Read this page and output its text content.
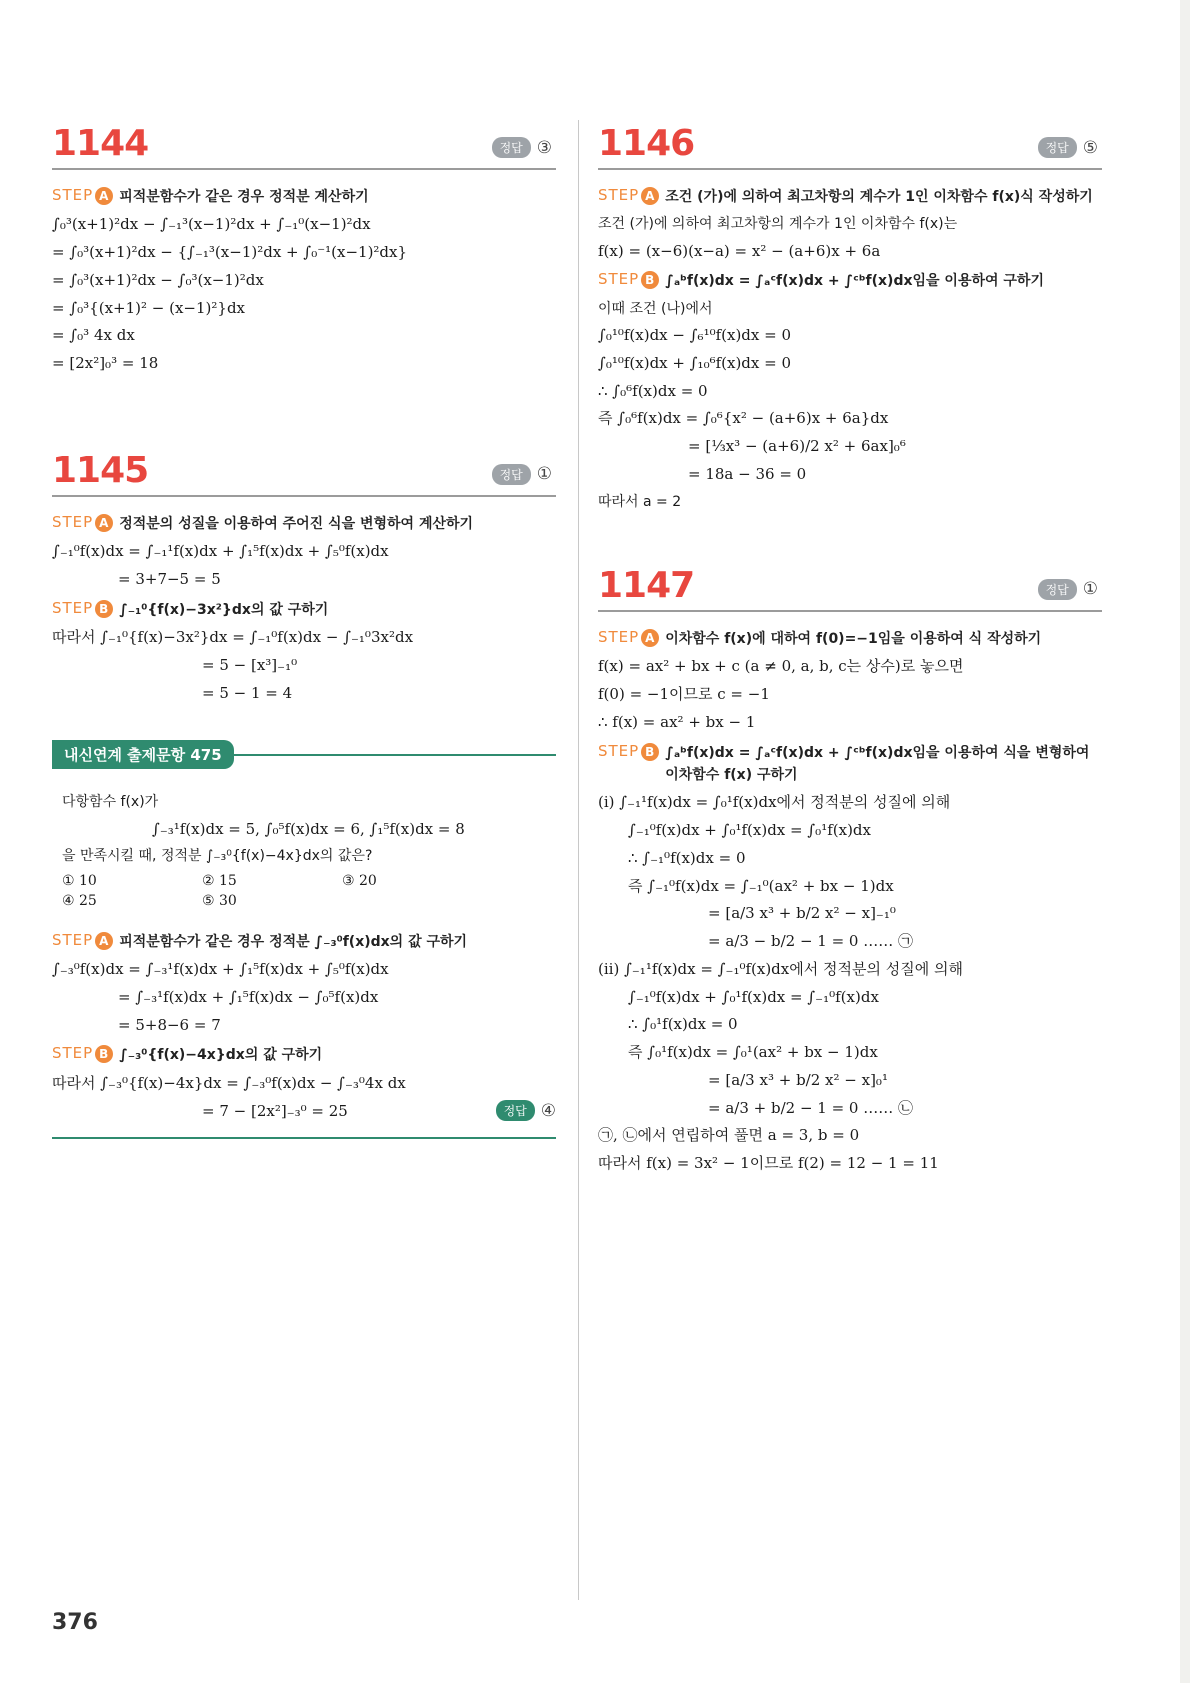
1144	정답 ③
STEP A 피적분함수가 같은 경우 정적분 계산하기
∫₀³(x+1)²dx − ∫₋₁³(x−1)²dx + ∫₋₁⁰(x−1)²dx
= ∫₀³(x+1)²dx − {∫₋₁³(x−1)²dx + ∫₀⁻¹(x−1)²dx}
= ∫₀³(x+1)²dx − ∫₀³(x−1)²dx
= ∫₀³{(x+1)² − (x−1)²}dx
= ∫₀³ 4x dx
= [2x²]₀³ = 18
1145	정답 ①
STEP A 정적분의 성질을 이용하여 주어진 식을 변형하여 계산하기
∫₋₁⁰f(x)dx = ∫₋₁¹f(x)dx + ∫₁⁵f(x)dx + ∫₅⁰f(x)dx
= 3+7−5 = 5
STEP B ∫₋₁⁰{f(x)−3x²}dx의 값 구하기
따라서 ∫₋₁⁰{f(x)−3x²}dx = ∫₋₁⁰f(x)dx − ∫₋₁⁰3x²dx
= 5 − [x³]₋₁⁰
= 5 − 1 = 4
내신연계 출제문항 475
다항함수 f(x)가
∫₋₃¹f(x)dx = 5, ∫₀⁵f(x)dx = 6, ∫₁⁵f(x)dx = 8
을 만족시킬 때, 정적분 ∫₋₃⁰{f(x)−4x}dx의 값은?
① 10	② 15	③ 20
④ 25	⑤ 30
STEP A 피적분함수가 같은 경우 정적분 ∫₋₃⁰f(x)dx의 값 구하기
∫₋₃⁰f(x)dx = ∫₋₃¹f(x)dx + ∫₁⁵f(x)dx + ∫₅⁰f(x)dx
= ∫₋₃¹f(x)dx + ∫₁⁵f(x)dx − ∫₀⁵f(x)dx
= 5+8−6 = 7
STEP B ∫₋₃⁰{f(x)−4x}dx의 값 구하기
따라서 ∫₋₃⁰{f(x)−4x}dx = ∫₋₃⁰f(x)dx − ∫₋₃⁰4x dx
= 7 − [2x²]₋₃⁰ = 25	정답 ④
1146	정답 ⑤
STEP A 조건 (가)에 의하여 최고차항의 계수가 1인 이차함수 f(x)식 작성하기
조건 (가)에 의하여 최고차항의 계수가 1인 이차함수 f(x)는
f(x) = (x−6)(x−a) = x² − (a+6)x + 6a
STEP B ∫ₐᵇf(x)dx = ∫ₐᶜf(x)dx + ∫ᶜᵇf(x)dx임을 이용하여 구하기
이때 조건 (나)에서
∫₀¹⁰f(x)dx − ∫₆¹⁰f(x)dx = 0
∫₀¹⁰f(x)dx + ∫₁₀⁶f(x)dx = 0
∴ ∫₀⁶f(x)dx = 0
즉 ∫₀⁶f(x)dx = ∫₀⁶{x² − (a+6)x + 6a}dx
= [⅓x³ − (a+6)/2 x² + 6ax]₀⁶
= 18a − 36 = 0
따라서 a = 2
1147	정답 ①
STEP A 이차함수 f(x)에 대하여 f(0)=−1임을 이용하여 식 작성하기
f(x) = ax² + bx + c (a ≠ 0, a, b, c는 상수)로 놓으면
f(0) = −1이므로 c = −1
∴ f(x) = ax² + bx − 1
STEP B ∫ₐᵇf(x)dx = ∫ₐᶜf(x)dx + ∫ᶜᵇf(x)dx임을 이용하여 식을 변형하여 이차함수 f(x) 구하기
(ⅰ) ∫₋₁¹f(x)dx = ∫₀¹f(x)dx에서 정적분의 성질에 의해
∫₋₁⁰f(x)dx + ∫₀¹f(x)dx = ∫₀¹f(x)dx
∴ ∫₋₁⁰f(x)dx = 0
즉 ∫₋₁⁰f(x)dx = ∫₋₁⁰(ax² + bx − 1)dx
= [a/3 x³ + b/2 x² − x]₋₁⁰
= a/3 − b/2 − 1 = 0 …… ㉠
(ⅱ) ∫₋₁¹f(x)dx = ∫₋₁⁰f(x)dx에서 정적분의 성질에 의해
∫₋₁⁰f(x)dx + ∫₀¹f(x)dx = ∫₋₁⁰f(x)dx
∴ ∫₀¹f(x)dx = 0
즉 ∫₀¹f(x)dx = ∫₀¹(ax² + bx − 1)dx
= [a/3 x³ + b/2 x² − x]₀¹
= a/3 + b/2 − 1 = 0 …… ㉡
㉠, ㉡에서 연립하여 풀면 a = 3, b = 0
따라서 f(x) = 3x² − 1이므로 f(2) = 12 − 1 = 11
376
